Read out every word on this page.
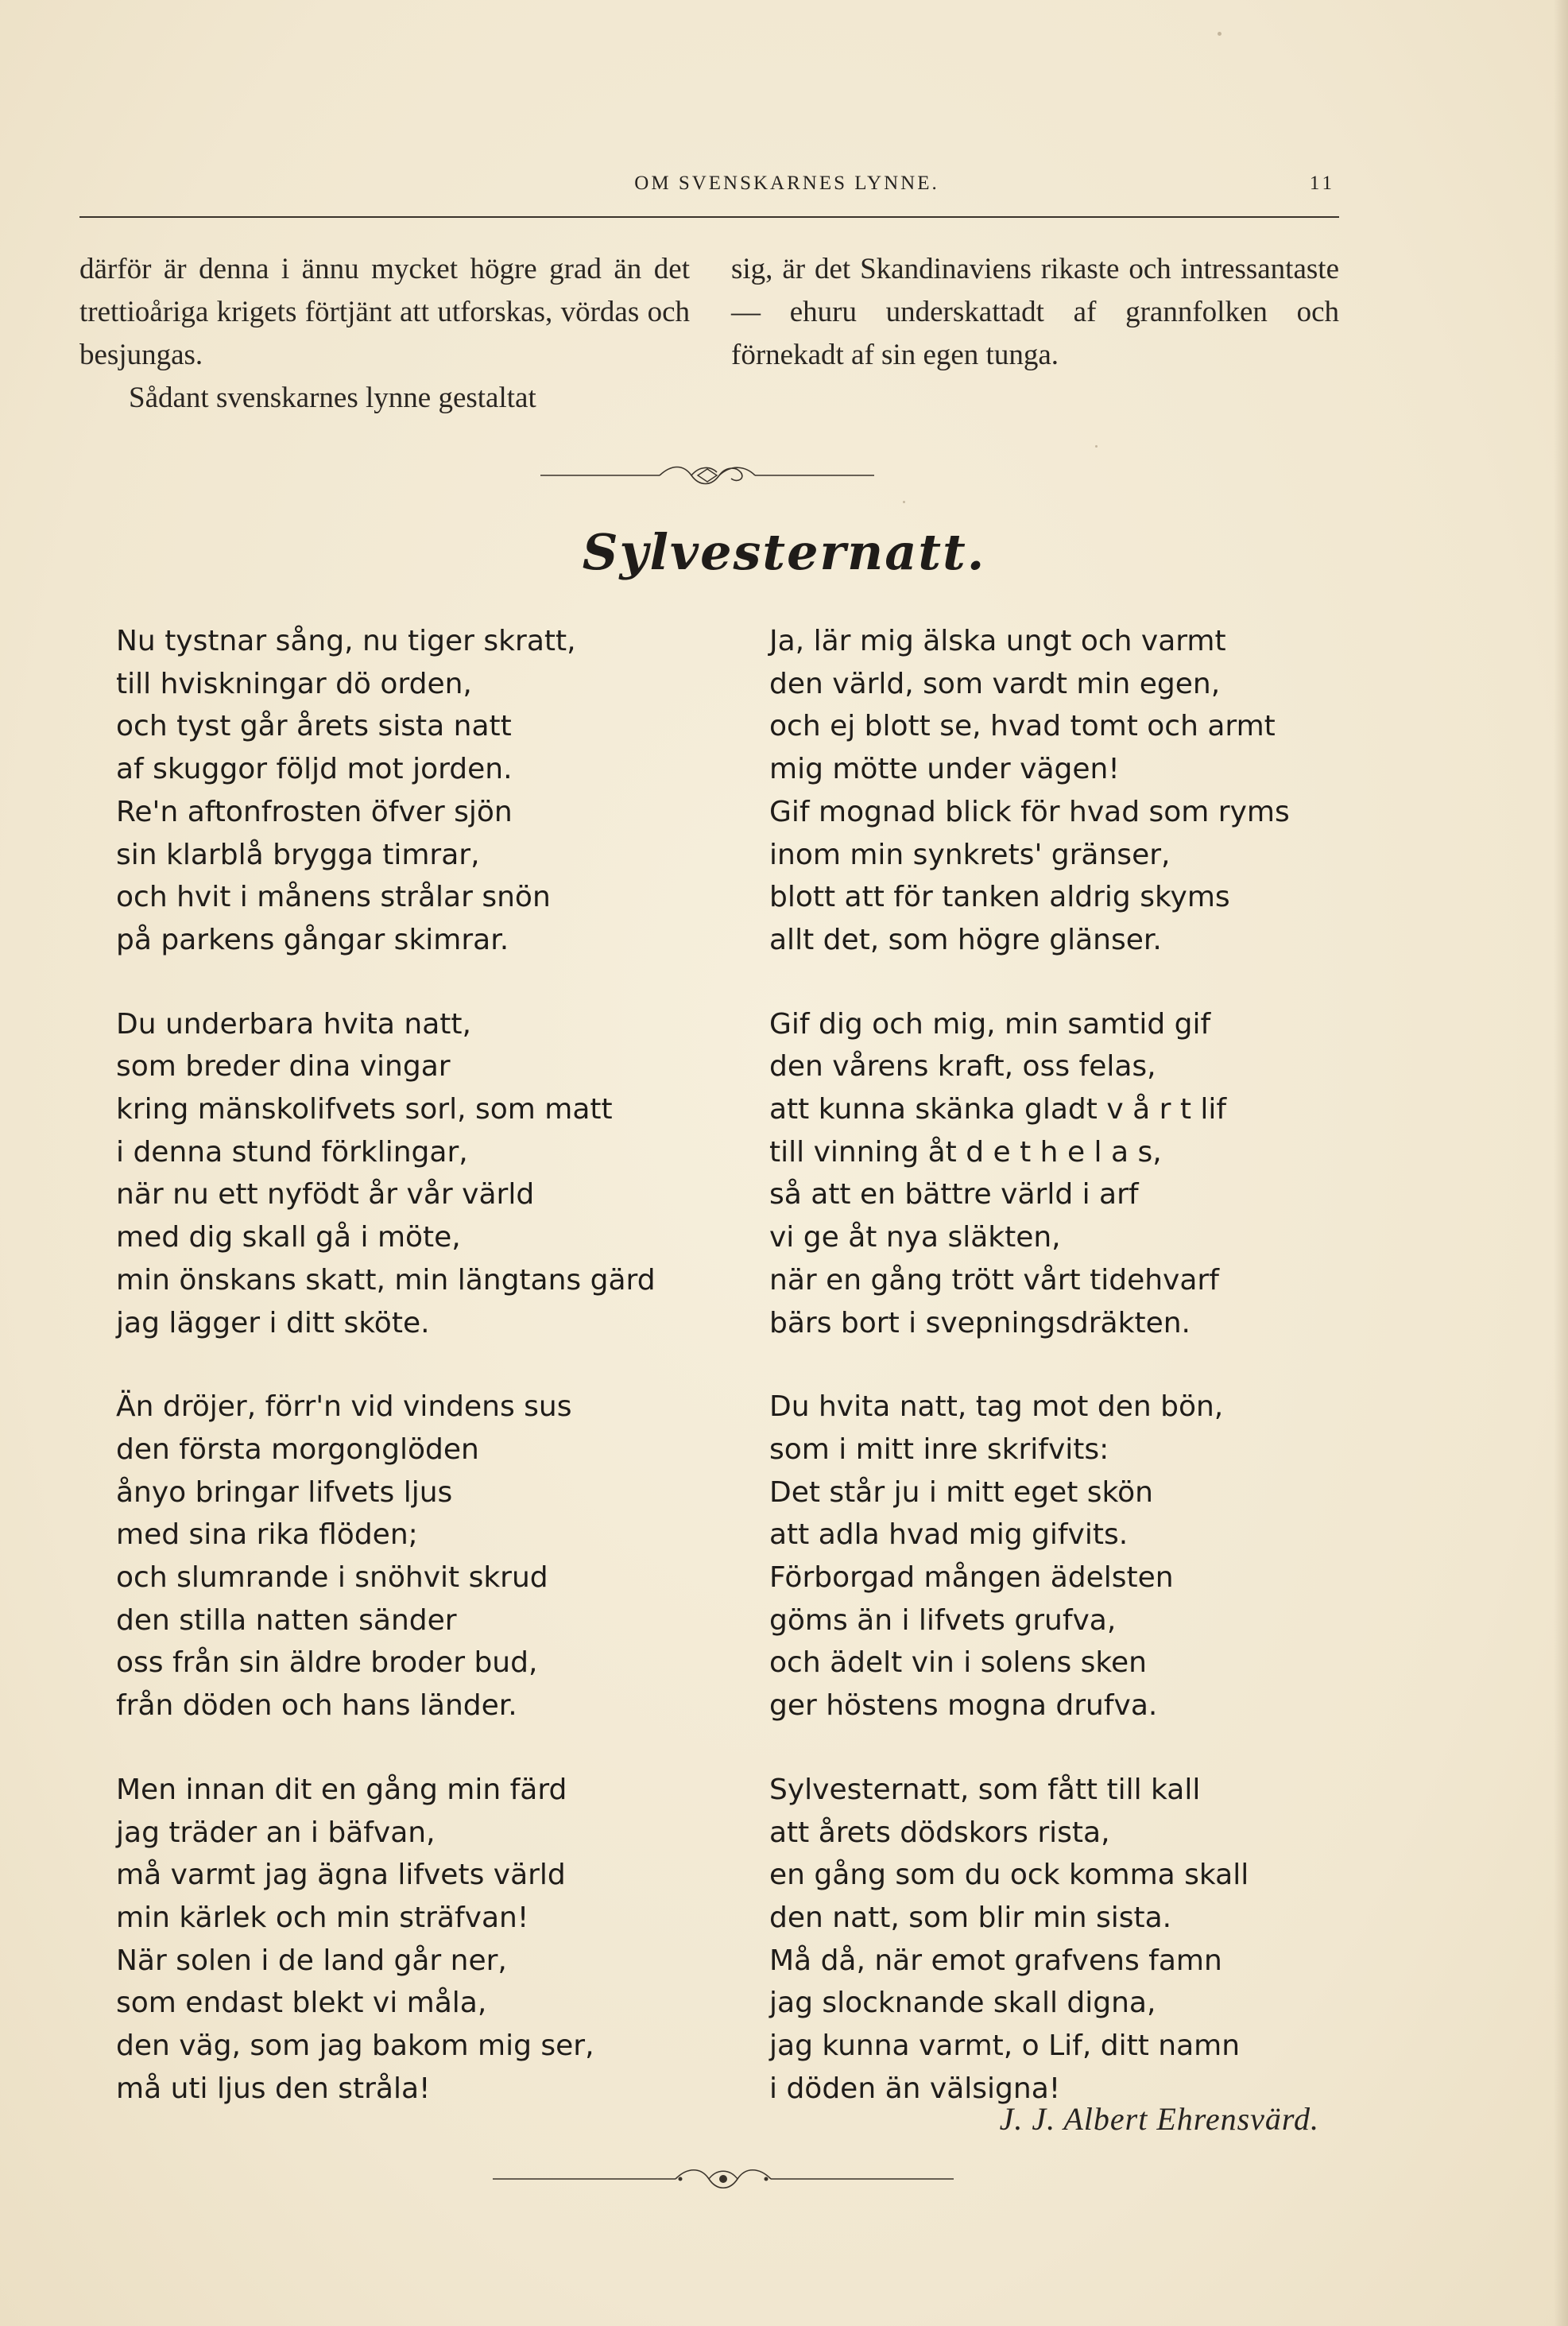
OM SVENSKARNES LYNNE.	11

därför är denna i ännu mycket högre grad än det trettioåriga krigets förtjänt att utforskas, vördas och besjungas.

Sådant svenskarnes lynne gestaltat

sig, är det Skandinaviens rikaste och intressantaste — ehuru underskattadt af grannfolken och förnekadt af sin egen tunga.

Sylvesternatt.
Nu tystnar sång, nu tiger skratt,
till hviskningar dö orden,
och tyst går årets sista natt
af skuggor följd mot jorden.
Re'n aftonfrosten öfver sjön
sin klarblå brygga timrar,
och hvit i månens strålar snön
på parkens gångar skimrar.
Du underbara hvita natt,
som breder dina vingar
kring mänskolifvets sorl, som matt
i denna stund förklingar,
när nu ett nyfödt år vår värld
med dig skall gå i möte,
min önskans skatt, min längtans gärd
jag lägger i ditt sköte.
Än dröjer, förr'n vid vindens sus
den första morgonglöden
ånyo bringar lifvets ljus
med sina rika flöden;
och slumrande i snöhvit skrud
den stilla natten sänder
oss från sin äldre broder bud,
från döden och hans länder.
Men innan dit en gång min färd
jag träder an i bäfvan,
må varmt jag ägna lifvets värld
min kärlek och min sträfvan!
När solen i de land går ner,
som endast blekt vi måla,
den väg, som jag bakom mig ser,
må uti ljus den stråla!
Ja, lär mig älska ungt och varmt
den värld, som vardt min egen,
och ej blott se, hvad tomt och armt
mig mötte under vägen!
Gif mognad blick för hvad som ryms
inom min synkrets' gränser,
blott att för tanken aldrig skyms
allt det, som högre glänser.
Gif dig och mig, min samtid gif
den vårens kraft, oss felas,
att kunna skänka gladt v å r t lif
till vinning åt d e t h e l a s,
så att en bättre värld i arf
vi ge åt nya släkten,
när en gång trött vårt tidehvarf
bärs bort i svepningsdräkten.
Du hvita natt, tag mot den bön,
som i mitt inre skrifvits:
Det står ju i mitt eget skön
att adla hvad mig gifvits.
Förborgad mången ädelsten
göms än i lifvets grufva,
och ädelt vin i solens sken
ger höstens mogna drufva.
Sylvesternatt, som fått till kall
att årets dödskors rista,
en gång som du ock komma skall
den natt, som blir min sista.
Må då, när emot grafvens famn
jag slocknande skall digna,
jag kunna varmt, o Lif, ditt namn
i döden än välsigna!
J. J. Albert Ehrensvärd.
